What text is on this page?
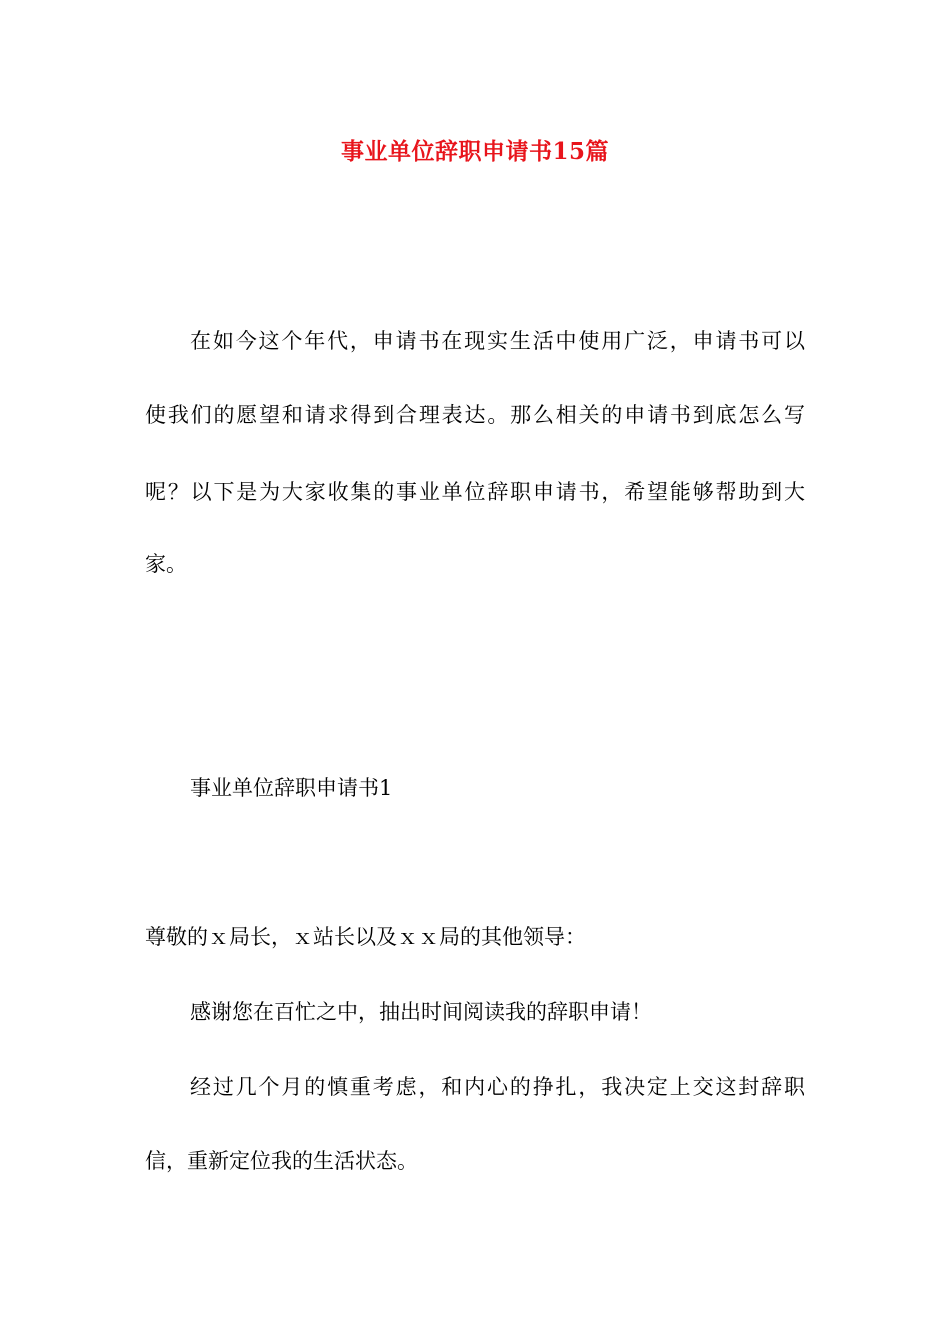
事业单位辞职申请书15篇
在如今这个年代，申请书在现实生活中使用广泛，申请书可以
使我们的愿望和请求得到合理表达。那么相关的申请书到底怎么写
呢？以下是为大家收集的事业单位辞职申请书，希望能够帮助到大
家。
事业单位辞职申请书1
尊敬的ｘ局长，ｘ站长以及ｘｘ局的其他领导：
感谢您在百忙之中，抽出时间阅读我的辞职申请！
经过几个月的慎重考虑，和内心的挣扎，我决定上交这封辞职
信，重新定位我的生活状态。
